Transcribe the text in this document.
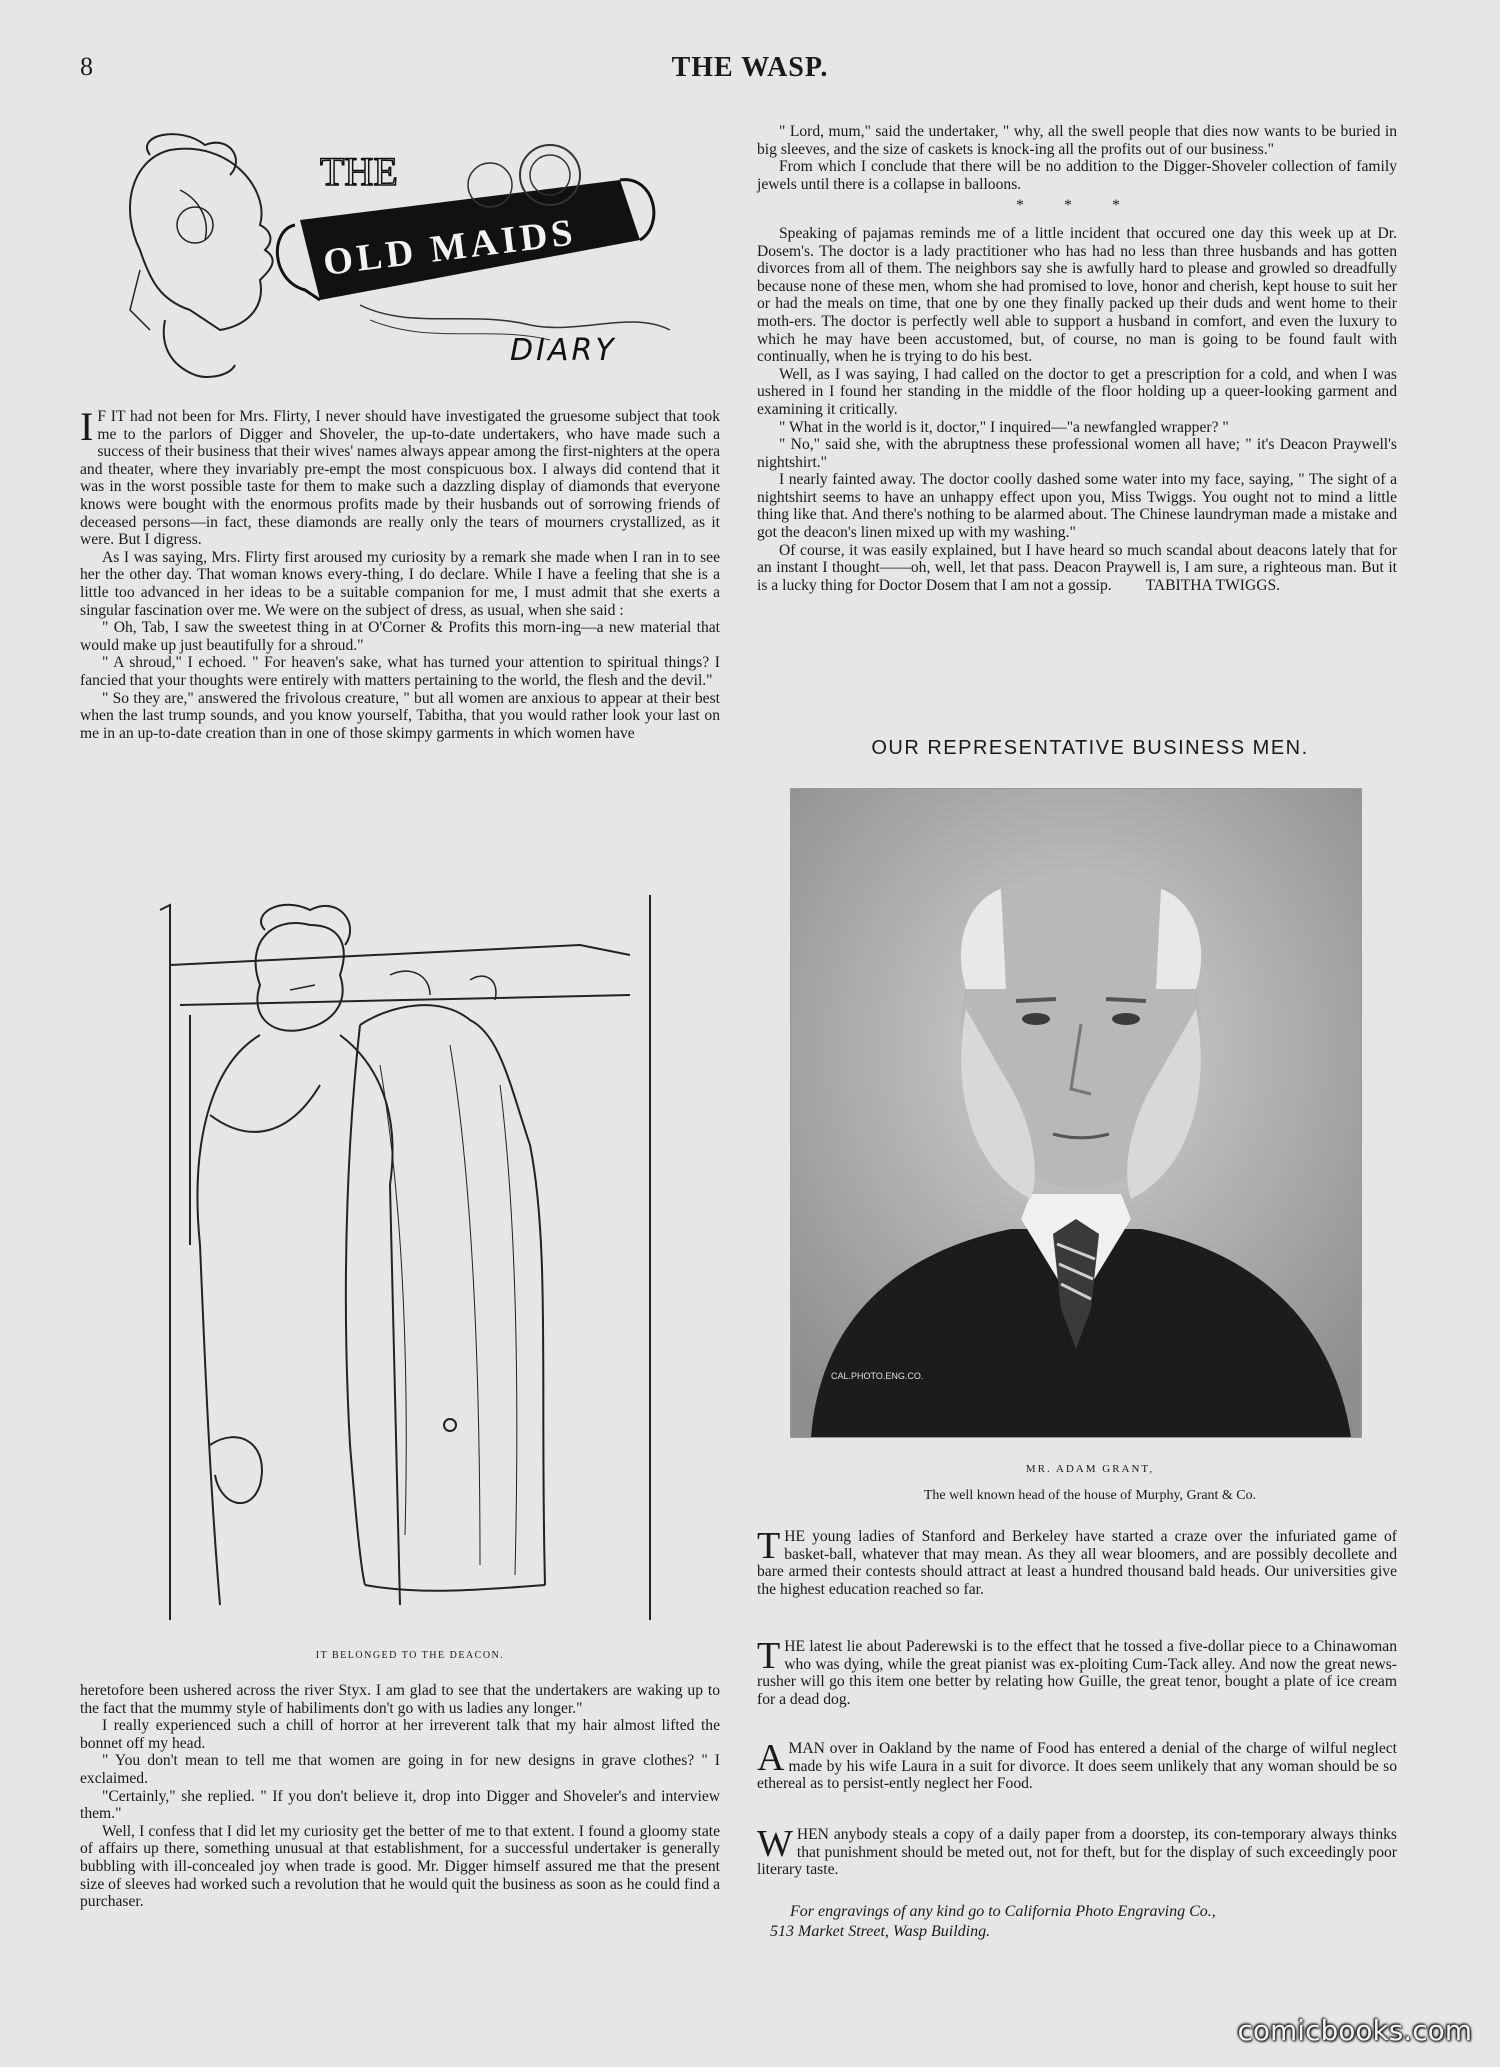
8	THE WASP.
THE
OLD MAIDS
DIARY

I F IT had not been for Mrs. Flirty, I never should have investigated the gruesome subject that took me to the parlors of Digger and Shoveler, the up-to-date undertakers, who have made such a success of their business that their wives' names always appear among the first-nighters at the opera and theater, where they invariably pre-empt the most conspicuous box. I always did contend that it was in the worst possible taste for them to make such a dazzling display of diamonds that everyone knows were bought with the enormous profits made by their husbands out of sorrowing friends of deceased persons—in fact, these diamonds are really only the tears of mourners crystallized, as it were. But I digress.

As I was saying, Mrs. Flirty first aroused my curiosity by a remark she made when I ran in to see her the other day. That woman knows every-thing, I do declare. While I have a feeling that she is a little too advanced in her ideas to be a suitable companion for me, I must admit that she exerts a singular fascination over me. We were on the subject of dress, as usual, when she said :

" Oh, Tab, I saw the sweetest thing in at O'Corner & Profits this morn-ing—a new material that would make up just beautifully for a shroud."

" A shroud," I echoed. " For heaven's sake, what has turned your attention to spiritual things? I fancied that your thoughts were entirely with matters pertaining to the world, the flesh and the devil."

" So they are," answered the frivolous creature, " but all women are anxious to appear at their best when the last trump sounds, and you know yourself, Tabitha, that you would rather look your last on me in an up-to-date creation than in one of those skimpy garments in which women have

IT BELONGED TO THE DEACON.

heretofore been ushered across the river Styx. I am glad to see that the undertakers are waking up to the fact that the mummy style of habiliments don't go with us ladies any longer."

I really experienced such a chill of horror at her irreverent talk that my hair almost lifted the bonnet off my head.

" You don't mean to tell me that women are going in for new designs in grave clothes? " I exclaimed.

"Certainly," she replied. " If you don't believe it, drop into Digger and Shoveler's and interview them."

Well, I confess that I did let my curiosity get the better of me to that extent. I found a gloomy state of affairs up there, something unusual at that establishment, for a successful undertaker is generally bubbling with ill-concealed joy when trade is good. Mr. Digger himself assured me that the present size of sleeves had worked such a revolution that he would quit the business as soon as he could find a purchaser.

" Lord, mum," said the undertaker, " why, all the swell people that dies now wants to be buried in big sleeves, and the size of caskets is knock-ing all the profits out of our business."

From which I conclude that there will be no addition to the Digger-Shoveler collection of family jewels until there is a collapse in balloons.

* * *

Speaking of pajamas reminds me of a little incident that occured one day this week up at Dr. Dosem's. The doctor is a lady practitioner who has had no less than three husbands and has gotten divorces from all of them. The neighbors say she is awfully hard to please and growled so dreadfully because none of these men, whom she had promised to love, honor and cherish, kept house to suit her or had the meals on time, that one by one they finally packed up their duds and went home to their moth-ers. The doctor is perfectly well able to support a husband in comfort, and even the luxury to which he may have been accustomed, but, of course, no man is going to be found fault with continually, when he is trying to do his best.

Well, as I was saying, I had called on the doctor to get a prescription for a cold, and when I was ushered in I found her standing in the middle of the floor holding up a queer-looking garment and examining it critically.

" What in the world is it, doctor," I inquired—"a newfangled wrapper? "

" No," said she, with the abruptness these professional women all have; " it's Deacon Praywell's nightshirt."

I nearly fainted away. The doctor coolly dashed some water into my face, saying, " The sight of a nightshirt seems to have an unhappy effect upon you, Miss Twiggs. You ought not to mind a little thing like that. And there's nothing to be alarmed about. The Chinese laundryman made a mistake and got the deacon's linen mixed up with my washing."

Of course, it was easily explained, but I have heard so much scandal about deacons lately that for an instant I thought——oh, well, let that pass. Deacon Praywell is, I am sure, a righteous man. But it is a lucky thing for Doctor Dosem that I am not a gossip. TABITHA TWIGGS.

OUR REPRESENTATIVE BUSINESS MEN.
CAL.PHOTO.ENG.CO.
MR. ADAM GRANT,
The well known head of the house of Murphy, Grant & Co.
THE young ladies of Stanford and Berkeley have started a craze over the infuriated game of basket-ball, whatever that may mean. As they all wear bloomers, and are possibly decollete and bare armed their contests should attract at least a hundred thousand bald heads. Our universities give the highest education reached so far.
THE latest lie about Paderewski is to the effect that he tossed a five-dollar piece to a Chinawoman who was dying, while the great pianist was ex-ploiting Cum-Tack alley. And now the great news-rusher will go this item one better by relating how Guille, the great tenor, bought a plate of ice cream for a dead dog.
AMAN over in Oakland by the name of Food has entered a denial of the charge of wilful neglect made by his wife Laura in a suit for divorce. It does seem unlikely that any woman should be so ethereal as to persist-ently neglect her Food.
WHEN anybody steals a copy of a daily paper from a doorstep, its con-temporary always thinks that punishment should be meted out, not for theft, but for the display of such exceedingly poor literary taste.
For engravings of any kind go to California Photo Engraving Co.,
513 Market Street, Wasp Building.
comicbooks.com
